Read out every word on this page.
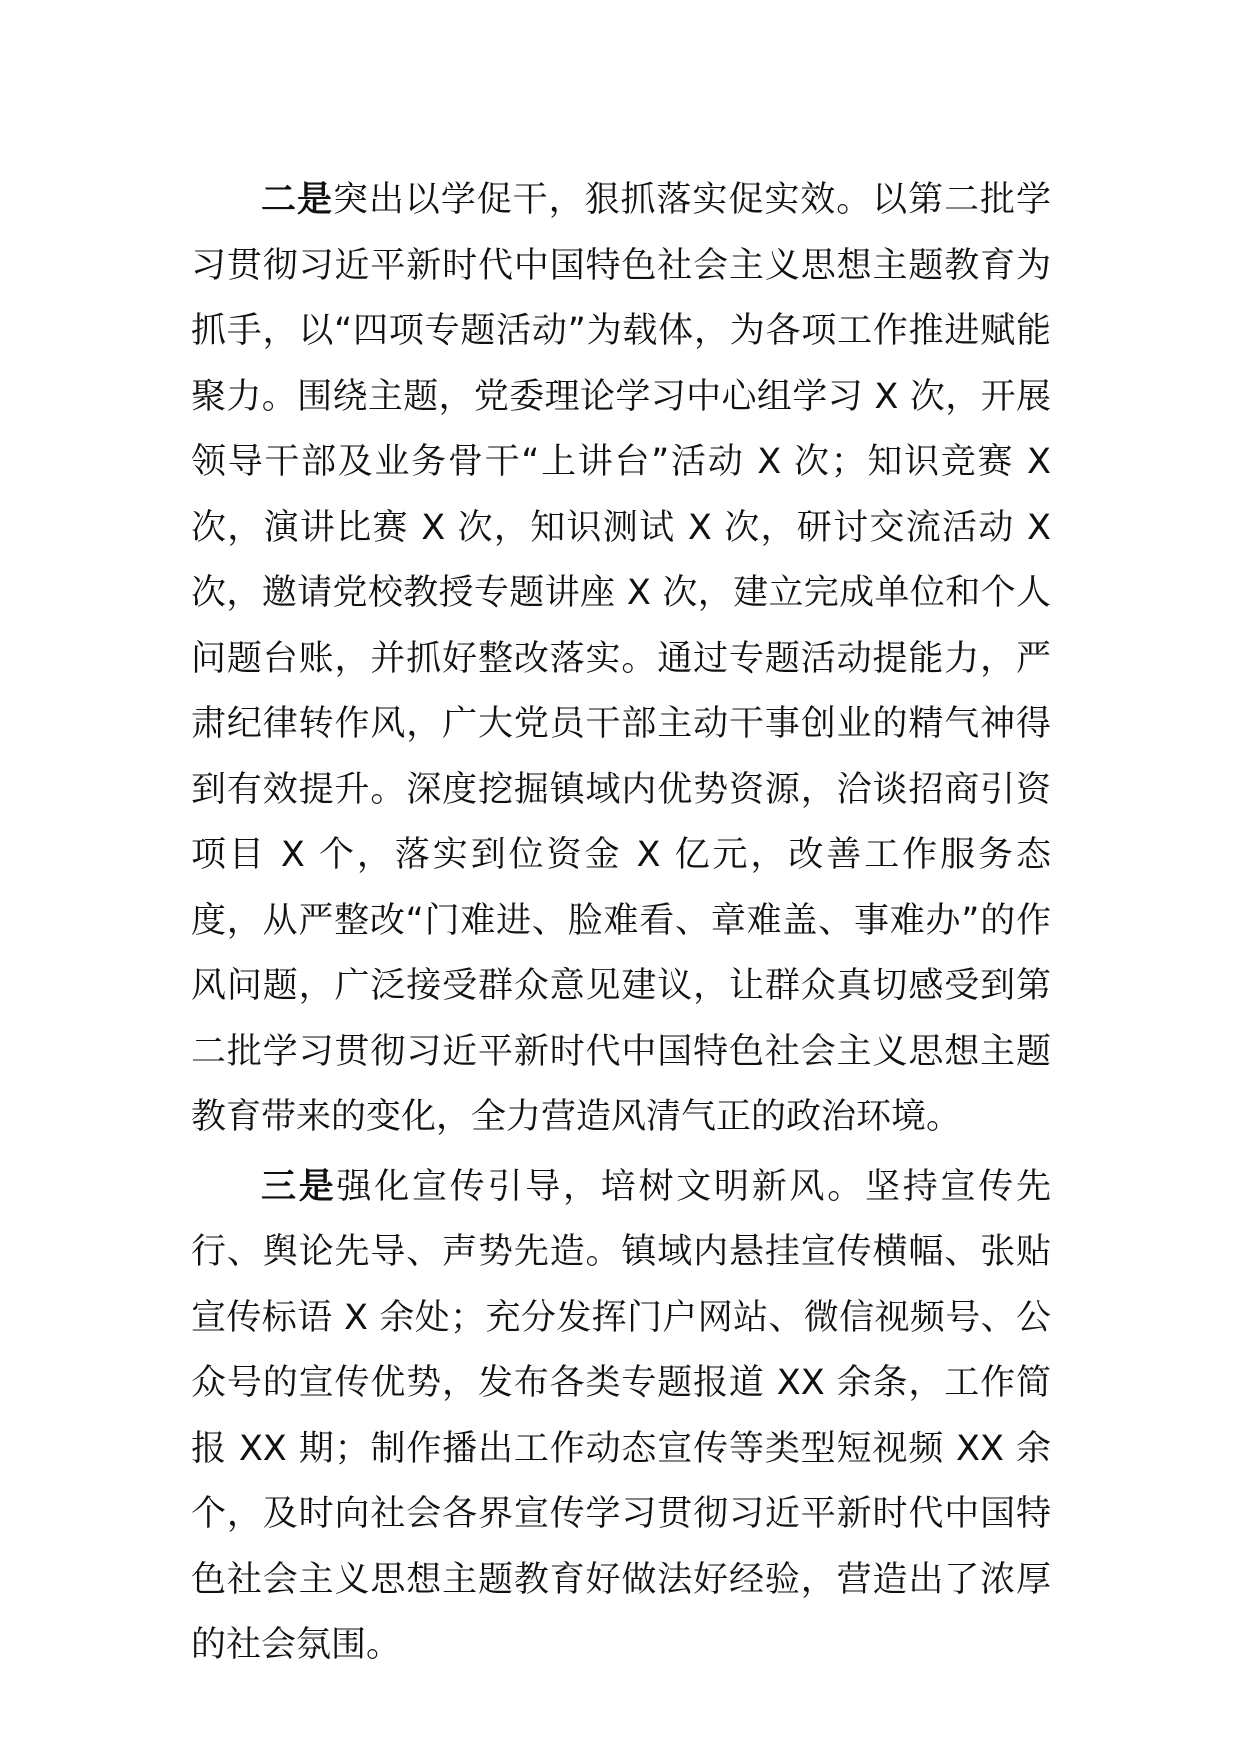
二是突出以学促干，狠抓落实促实效。以第二批学习贯彻习近平新时代中国特色社会主义思想主题教育为抓手，以“四项专题活动”为载体，为各项工作推进赋能聚力。围绕主题，党委理论学习中心组学习 X 次，开展领导干部及业务骨干“上讲台”活动 X 次；知识竞赛 X 次，演讲比赛 X 次，知识测试 X 次，研讨交流活动 X 次，邀请党校教授专题讲座 X 次，建立完成单位和个人问题台账，并抓好整改落实。通过专题活动提能力，严肃纪律转作风，广大党员干部主动干事创业的精气神得到有效提升。深度挖掘镇域内优势资源，洽谈招商引资项目 X 个，落实到位资金 X 亿元，改善工作服务态度，从严整改“门难进、脸难看、章难盖、事难办”的作风问题，广泛接受群众意见建议，让群众真切感受到第二批学习贯彻习近平新时代中国特色社会主义思想主题教育带来的变化，全力营造风清气正的政治环境。

三是强化宣传引导，培树文明新风。坚持宣传先行、舆论先导、声势先造。镇域内悬挂宣传横幅、张贴宣传标语 X 余处；充分发挥门户网站、微信视频号、公众号的宣传优势，发布各类专题报道 XX 余条，工作简报 XX 期；制作播出工作动态宣传等类型短视频 XX 余个，及时向社会各界宣传学习贯彻习近平新时代中国特色社会主义思想主题教育好做法好经验，营造出了浓厚的社会氛围。
